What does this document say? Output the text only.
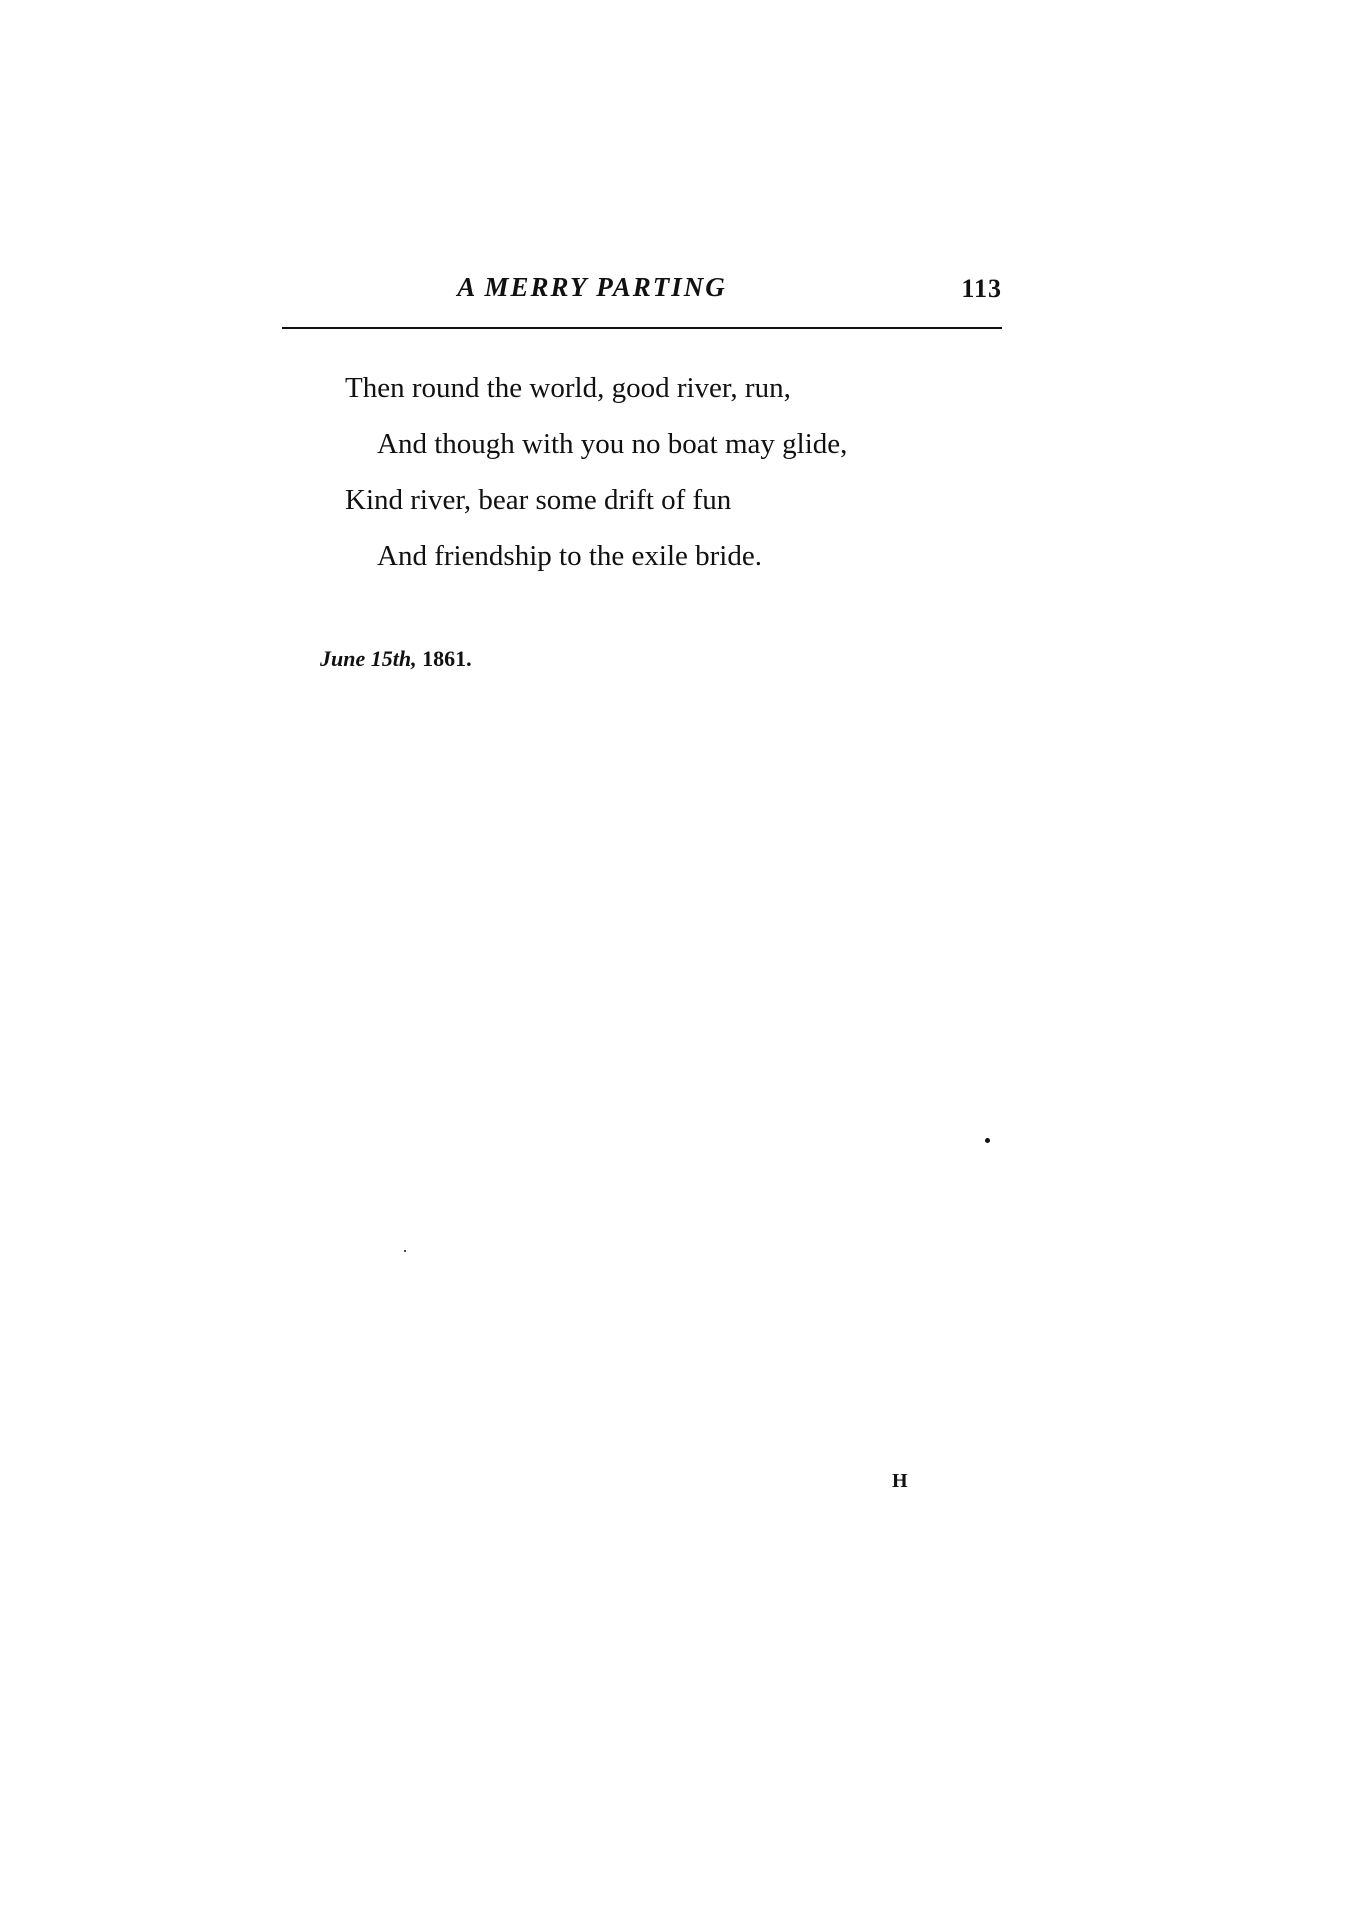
A MERRY PARTING	113
Then round the world, good river, run,
And though with you no boat may glide,
Kind river, bear some drift of fun
And friendship to the exile bride.
June 15th, 1861.
H
